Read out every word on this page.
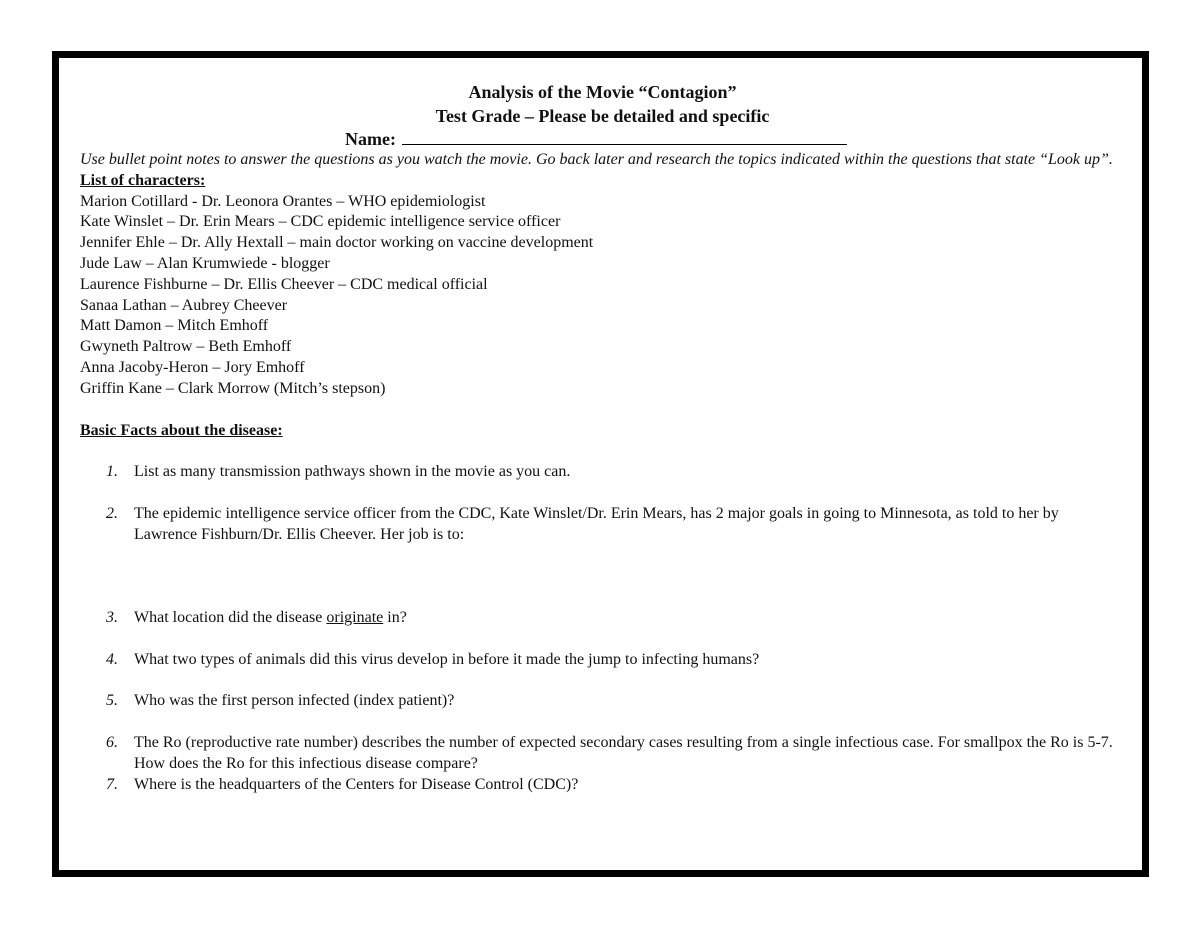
Analysis of the Movie “Contagion”
Test Grade – Please be detailed and specific
Name:
Use bullet point notes to answer the questions as you watch the movie. Go back later and research the topics indicated within the questions that state “Look up”.
List of characters:
Marion Cotillard - Dr. Leonora Orantes – WHO epidemiologist
Kate Winslet – Dr. Erin Mears – CDC epidemic intelligence service officer
Jennifer Ehle – Dr. Ally Hextall – main doctor working on vaccine development
Jude Law – Alan Krumwiede - blogger
Laurence Fishburne – Dr. Ellis Cheever – CDC medical official
Sanaa Lathan – Aubrey Cheever
Matt Damon – Mitch Emhoff
Gwyneth Paltrow – Beth Emhoff
Anna Jacoby-Heron – Jory Emhoff
Griffin Kane – Clark Morrow (Mitch’s stepson)
Basic Facts about the disease:
1. List as many transmission pathways shown in the movie as you can.
2. The epidemic intelligence service officer from the CDC, Kate Winslet/Dr. Erin Mears, has 2 major goals in going to Minnesota, as told to her by Lawrence Fishburn/Dr. Ellis Cheever. Her job is to:
3. What location did the disease originate in?
4. What two types of animals did this virus develop in before it made the jump to infecting humans?
5. Who was the first person infected (index patient)?
6. The Ro (reproductive rate number) describes the number of expected secondary cases resulting from a single infectious case. For smallpox the Ro is 5-7. How does the Ro for this infectious disease compare?
7. Where is the headquarters of the Centers for Disease Control (CDC)?
